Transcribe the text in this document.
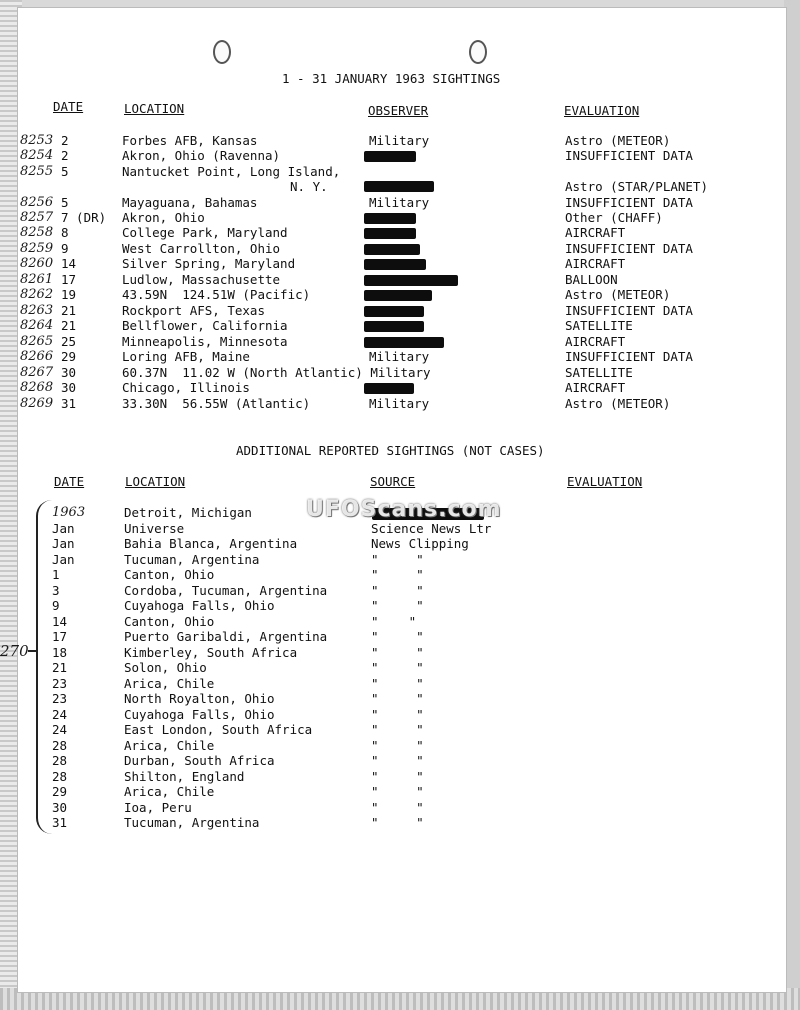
1 - 31 JANUARY 1963 SIGHTINGS
DATE	LOCATION	OBSERVER	EVALUATION
8253 2	Forbes AFB, Kansas	Military	Astro (METEOR)
8254 2	Akron, Ohio (Ravenna)	INSUFFICIENT DATA
8255 5	Nantucket Point, Long Island,
N. Y.	Astro (STAR/PLANET)
8256 5	Mayaguana, Bahamas	Military	INSUFFICIENT DATA
8257 7 (DR) Akron, Ohio	Other (CHAFF)
8258 8	College Park, Maryland	AIRCRAFT
8259 9	West Carrollton, Ohio	INSUFFICIENT DATA
8260 14	Silver Spring, Maryland	AIRCRAFT
8261 17	Ludlow, Massachusette	BALLOON
8262 19	43.59N  124.51W (Pacific)	Astro (METEOR)
8263 21	Rockport AFS, Texas	INSUFFICIENT DATA
8264 21	Bellflower, California	SATELLITE
8265 25	Minneapolis, Minnesota	AIRCRAFT
8266 29	Loring AFB, Maine	Military	INSUFFICIENT DATA
8267 30	60.37N  11.02 W (North Atlantic) Military	SATELLITE
8268 30	Chicago, Illinois	AIRCRAFT
8269 31	33.30N  56.55W (Atlantic)	Military	Astro (METEOR)
ADDITIONAL REPORTED SIGHTINGS (NOT CASES)
DATE	LOCATION	SOURCE	EVALUATION
270
1963	Detroit, Michigan
Jan	Universe	Science News Ltr
Jan	Bahia Blanca, Argentina	News Clipping
Jan	Tucuman, Argentina	"     "
1	Canton, Ohio	"     "
3	Cordoba, Tucuman, Argentina	"     "
9	Cuyahoga Falls, Ohio	"     "
14	Canton, Ohio	"    "
17	Puerto Garibaldi, Argentina	"     "
18	Kimberley, South Africa	"     "
21	Solon, Ohio	"     "
23	Arica, Chile	"     "
23	North Royalton, Ohio	"     "
24	Cuyahoga Falls, Ohio	"     "
24	East London, South Africa	"     "
28	Arica, Chile	"     "
28	Durban, South Africa	"     "
28	Shilton, England	"     "
29	Arica, Chile	"     "
30	Ioa, Peru	"     "
31	Tucuman, Argentina	"     "
UFOScans.com
